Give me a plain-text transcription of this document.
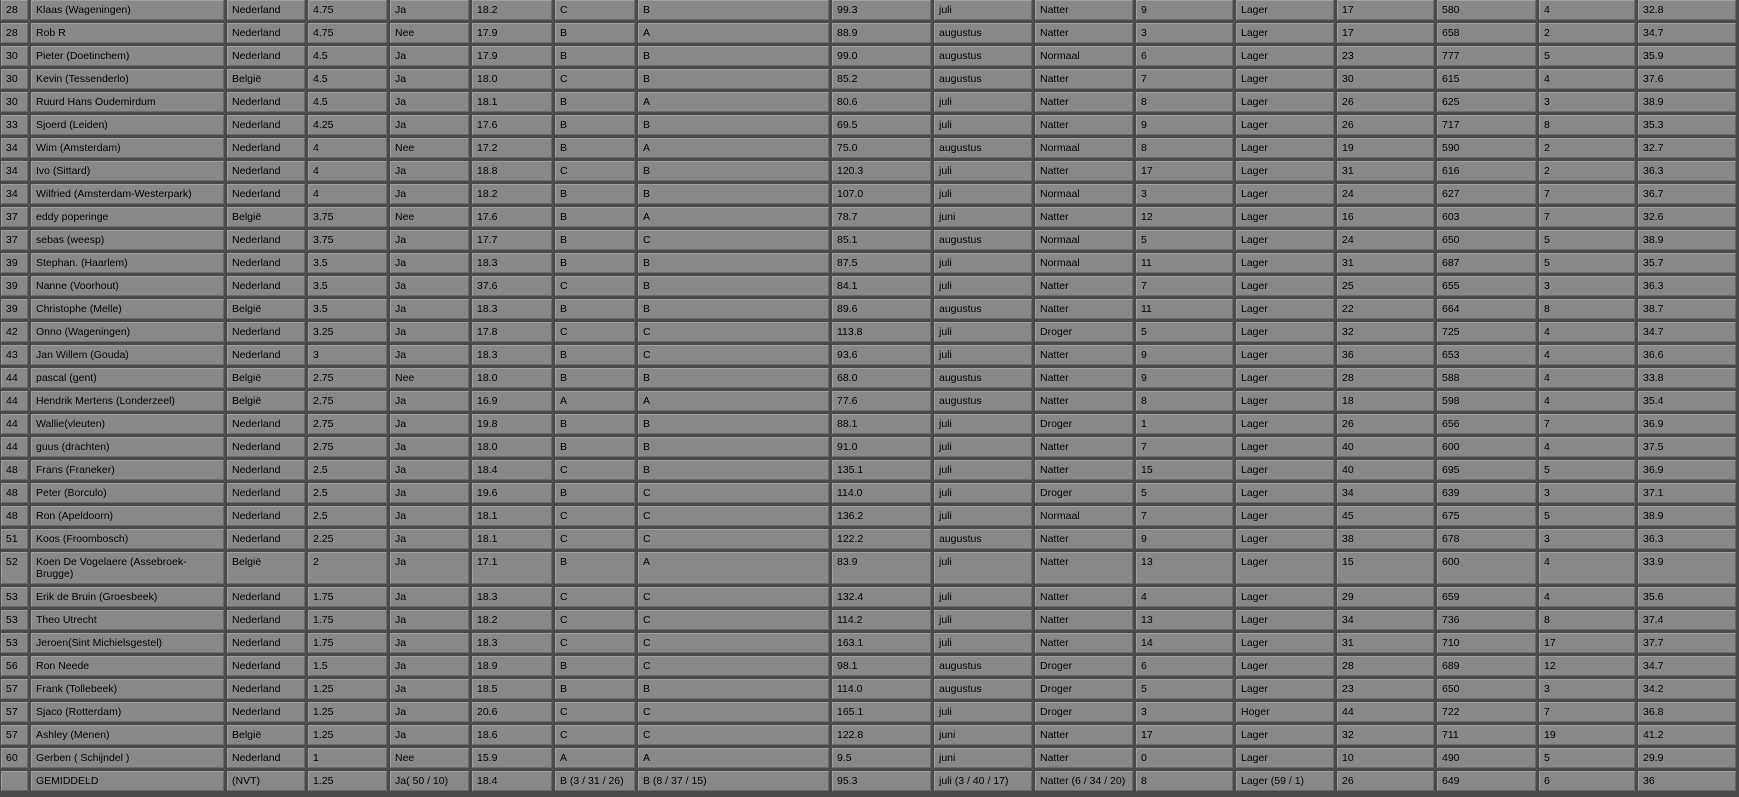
28	Klaas (Wageningen)	Nederland	4.75	Ja	18.2	C	B	99.3	juli	Natter	9	Lager	17	580	4	32.8
28	Rob R	Nederland	4.75	Nee	17.9	B	A	88.9	augustus	Natter	3	Lager	17	658	2	34.7
30	Pieter (Doetinchem)	Nederland	4.5	Ja	17.9	B	B	99.0	augustus	Normaal	6	Lager	23	777	5	35.9
30	Kevin (Tessenderlo)	België	4.5	Ja	18.0	C	B	85.2	augustus	Natter	7	Lager	30	615	4	37.6
30	Ruurd Hans Oudemirdum	Nederland	4.5	Ja	18.1	B	A	80.6	juli	Natter	8	Lager	26	625	3	38.9
33	Sjoerd (Leiden)	Nederland	4.25	Ja	17.6	B	B	69.5	juli	Natter	9	Lager	26	717	8	35.3
34	Wim (Amsterdam)	Nederland	4	Nee	17.2	B	A	75.0	augustus	Normaal	8	Lager	19	590	2	32.7
34	Ivo (Sittard)	Nederland	4	Ja	18.8	C	B	120.3	juli	Natter	17	Lager	31	616	2	36.3
34	Wilfried (Amsterdam-Westerpark)	Nederland	4	Ja	18.2	B	B	107.0	juli	Normaal	3	Lager	24	627	7	36.7
37	eddy poperinge	België	3.75	Nee	17.6	B	A	78.7	juni	Natter	12	Lager	16	603	7	32.6
37	sebas (weesp)	Nederland	3.75	Ja	17.7	B	C	85.1	augustus	Normaal	5	Lager	24	650	5	38.9
39	Stephan. (Haarlem)	Nederland	3.5	Ja	18.3	B	B	87.5	juli	Normaal	11	Lager	31	687	5	35.7
39	Nanne (Voorhout)	Nederland	3.5	Ja	37.6	C	B	84.1	juli	Natter	7	Lager	25	655	3	36.3
39	Christophe (Melle)	België	3.5	Ja	18.3	B	B	89.6	augustus	Natter	11	Lager	22	664	8	38.7
42	Onno (Wageningen)	Nederland	3.25	Ja	17.8	C	C	113.8	juli	Droger	5	Lager	32	725	4	34.7
43	Jan Willem (Gouda)	Nederland	3	Ja	18.3	B	C	93.6	juli	Natter	9	Lager	36	653	4	36.6
44	pascal (gent)	België	2.75	Nee	18.0	B	B	68.0	augustus	Natter	9	Lager	28	588	4	33.8
44	Hendrik Mertens (Londerzeel)	België	2.75	Ja	16.9	A	A	77.6	augustus	Natter	8	Lager	18	598	4	35.4
44	Wallie(vleuten)	Nederland	2.75	Ja	19.8	B	B	88.1	juli	Droger	1	Lager	26	656	7	36.9
44	guus (drachten)	Nederland	2.75	Ja	18.0	B	B	91.0	juli	Natter	7	Lager	40	600	4	37.5
48	Frans (Franeker)	Nederland	2.5	Ja	18.4	C	B	135.1	juli	Natter	15	Lager	40	695	5	36.9
48	Peter (Borculo)	Nederland	2.5	Ja	19.6	B	C	114.0	juli	Droger	5	Lager	34	639	3	37.1
48	Ron (Apeldoorn)	Nederland	2.5	Ja	18.1	C	C	136.2	juli	Normaal	7	Lager	45	675	5	38.9
51	Koos (Froombosch)	Nederland	2.25	Ja	18.1	C	C	122.2	augustus	Natter	9	Lager	38	678	3	36.3
52	Koen De Vogelaere (Assebroek-Brugge)	België	2	Ja	17.1	B	A	83.9	juli	Natter	13	Lager	15	600	4	33.9
53	Erik de Bruin (Groesbeek)	Nederland	1.75	Ja	18.3	C	C	132.4	juli	Natter	4	Lager	29	659	4	35.6
53	Theo Utrecht	Nederland	1.75	Ja	18.2	C	C	114.2	juli	Natter	13	Lager	34	736	8	37.4
53	Jeroen(Sint Michielsgestel)	Nederland	1.75	Ja	18.3	C	C	163.1	juli	Natter	14	Lager	31	710	17	37.7
56	Ron Neede	Nederland	1.5	Ja	18.9	B	C	98.1	augustus	Droger	6	Lager	28	689	12	34.7
57	Frank (Tollebeek)	Nederland	1.25	Ja	18.5	B	B	114.0	augustus	Droger	5	Lager	23	650	3	34.2
57	Sjaco (Rotterdam)	Nederland	1.25	Ja	20.6	C	C	165.1	juli	Droger	3	Hoger	44	722	7	36.8
57	Ashley (Menen)	België	1.25	Ja	18.6	C	C	122.8	juni	Natter	17	Lager	32	711	19	41.2
60	Gerben ( Schijndel )	Nederland	1	Nee	15.9	A	A	9.5	juni	Natter	0	Lager	10	490	5	29.9
	GEMIDDELD	(NVT)	1.25	Ja( 50 / 10)	18.4	B (3 / 31 / 26)	B (8 / 37 / 15)	95.3	juli (3 / 40 / 17)	Natter (6 / 34 / 20)	8	Lager (59 / 1)	26	649	6	36
